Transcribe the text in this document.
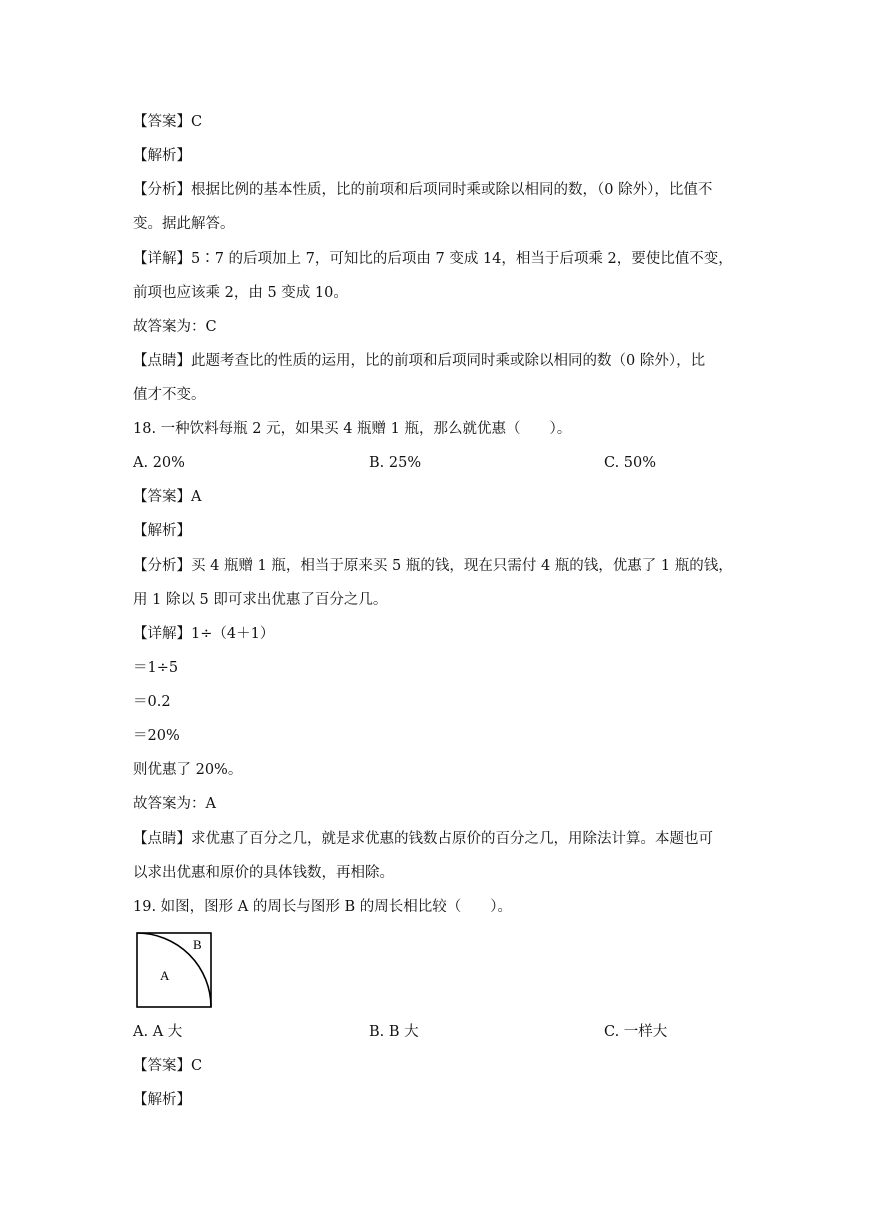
【答案】C
【解析】
【分析】根据比例的基本性质，比的前项和后项同时乘或除以相同的数，（0 除外），比值不
变。据此解答。
【详解】5∶7 的后项加上 7，可知比的后项由 7 变成 14，相当于后项乘 2，要使比值不变，
前项也应该乘 2，由 5 变成 10。
故答案为：C
【点睛】此题考查比的性质的运用，比的前项和后项同时乘或除以相同的数（0 除外），比
值才不变。
18. 一种饮料每瓶 2 元，如果买 4 瓶赠 1 瓶，那么就优惠（　　）。
A. 20%	B. 25%	C. 50%
【答案】A
【解析】
【分析】买 4 瓶赠 1 瓶，相当于原来买 5 瓶的钱，现在只需付 4 瓶的钱，优惠了 1 瓶的钱，
用 1 除以 5 即可求出优惠了百分之几。
【详解】1÷（4＋1）
＝1÷5
＝0.2
＝20%
则优惠了 20%。
故答案为：A
【点睛】求优惠了百分之几，就是求优惠的钱数占原价的百分之几，用除法计算。本题也可
以求出优惠和原价的具体钱数，再相除。
19. 如图，图形 A 的周长与图形 B 的周长相比较（　　）。
A
B
A. A 大	B. B 大	C. 一样大
【答案】C
【解析】
